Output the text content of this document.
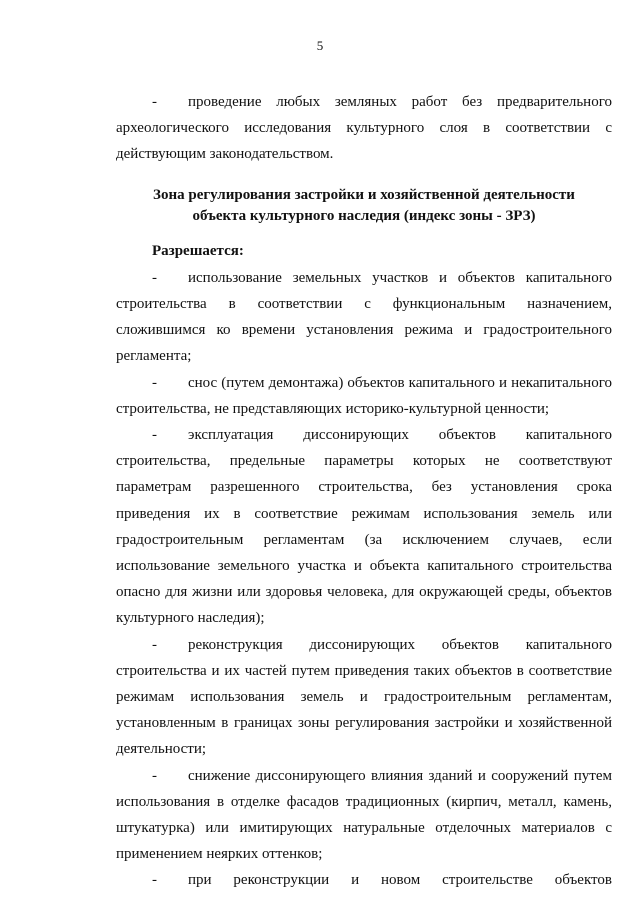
5

- проведение любых земляных работ без предварительного археологического исследования культурного слоя в соответствии с действующим законодательством.

Зона регулирования застройки и хозяйственной деятельности
объекта культурного наследия (индекс зоны - ЗРЗ)
Разрешается:

- использование земельных участков и объектов капитального строительства в соответствии с функциональным назначением, сложившимся ко времени установления режима и градостроительного регламента;

- снос (путем демонтажа) объектов капитального и некапитального строительства, не представляющих историко-культурной ценности;

- эксплуатация диссонирующих объектов капитального строительства, предельные параметры которых не соответствуют параметрам разрешенного строительства, без установления срока приведения их в соответствие режимам использования земель или градостроительным регламентам (за исключением случаев, если использование земельного участка и объекта капитального строительства опасно для жизни или здоровья человека, для окружающей среды, объектов культурного наследия);

- реконструкция диссонирующих объектов капитального строительства и их частей путем приведения таких объектов в соответствие режимам использования земель и градостроительным регламентам, установленным в границах зоны регулирования застройки и хозяйственной деятельности;

- снижение диссонирующего влияния зданий и сооружений путем использования в отделке фасадов традиционных (кирпич, металл, камень, штукатурка) или имитирующих натуральные отделочных материалов с применением неярких оттенков;

- при реконструкции и новом строительстве объектов
